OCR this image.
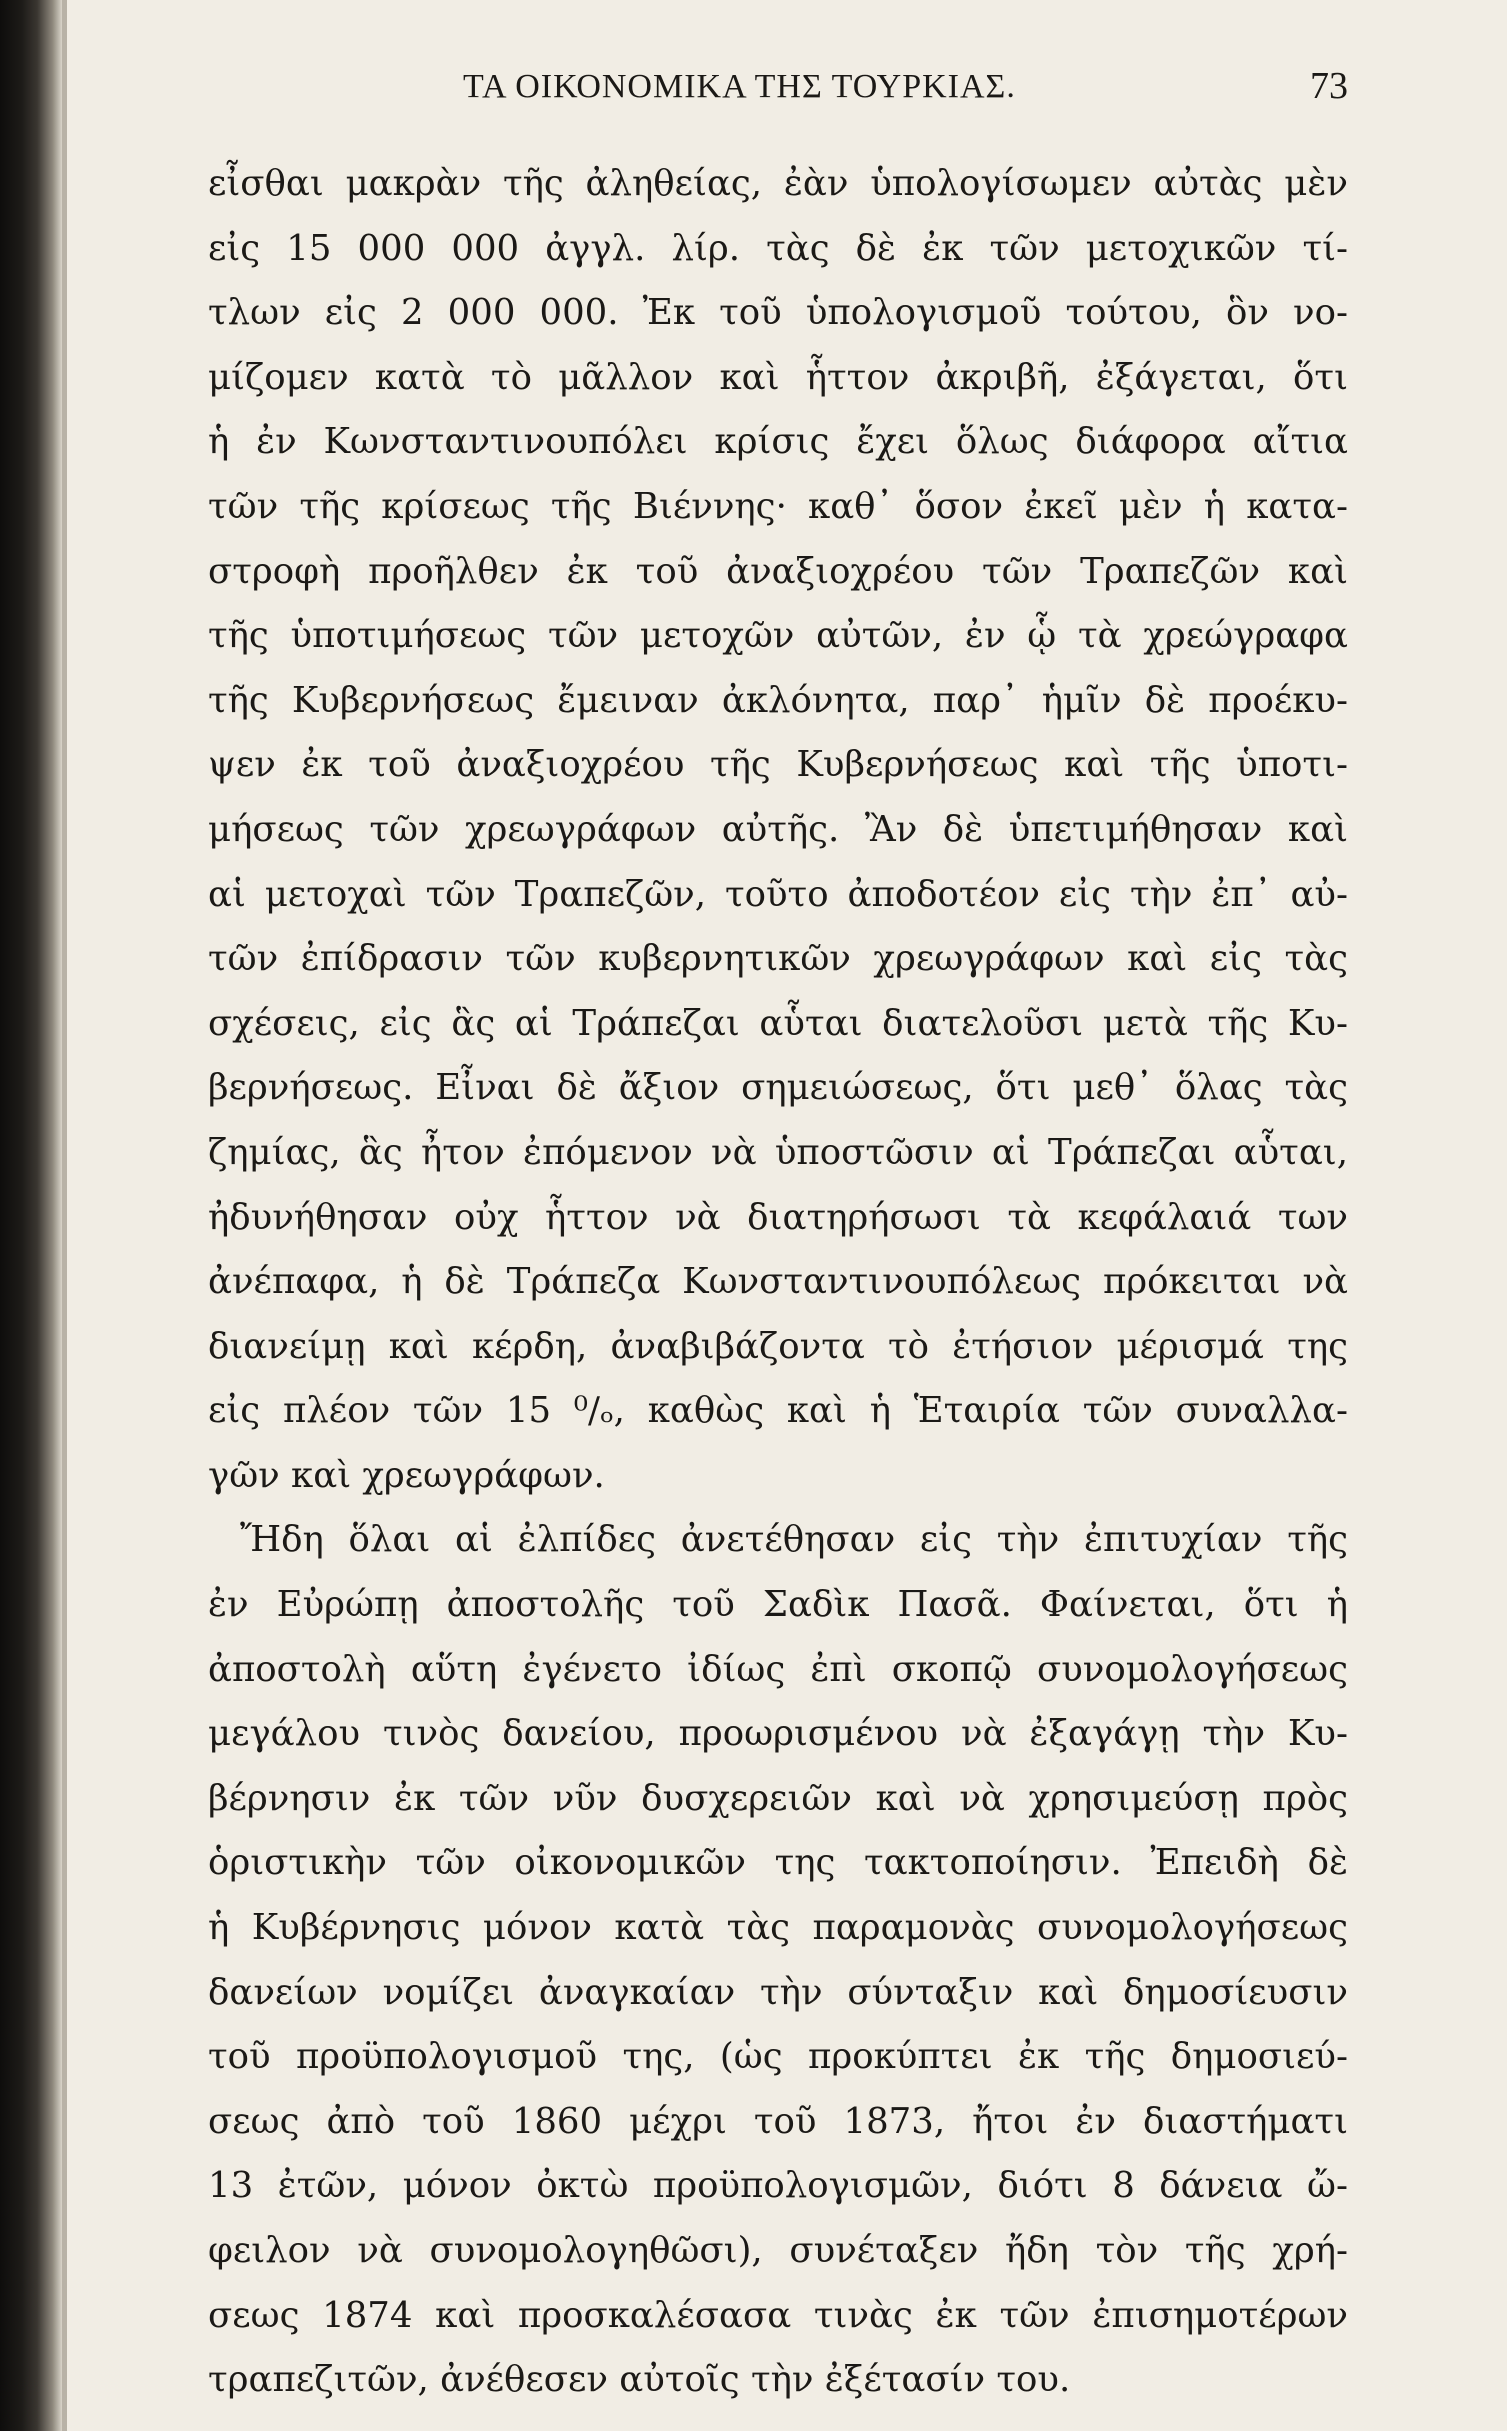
ΤΑ ΟΙΚΟΝΟΜΙΚΑ ΤΗΣ ΤΟΥΡΚΙΑΣ.	73
εἶσθαι μακρὰν τῆς ἀληθείας, ἐὰν ὑπολογίσωμεν αὐτὰς μὲν
εἰς 15 000 000 ἀγγλ. λίρ. τὰς δὲ ἐκ τῶν μετοχικῶν τί-
τλων εἰς 2 000 000. Ἐκ τοῦ ὑπολογισμοῦ τούτου, ὃν νο-
μίζομεν κατὰ τὸ μᾶλλον καὶ ἧττον ἀκριβῆ, ἐξάγεται, ὅτι
ἡ ἐν Κωνσταντινουπόλει κρίσις ἔχει ὅλως διάφορα αἴτια
τῶν τῆς κρίσεως τῆς Βιέννης· καθ᾿ ὅσον ἐκεῖ μὲν ἡ κατα-
στροφὴ προῆλθεν ἐκ τοῦ ἀναξιοχρέου τῶν Τραπεζῶν καὶ
τῆς ὑποτιμήσεως τῶν μετοχῶν αὐτῶν, ἐν ᾧ τὰ χρεώγραφα
τῆς Κυβερνήσεως ἔμειναν ἀκλόνητα, παρ᾿ ἡμῖν δὲ προέκυ-
ψεν ἐκ τοῦ ἀναξιοχρέου τῆς Κυβερνήσεως καὶ τῆς ὑποτι-
μήσεως τῶν χρεωγράφων αὐτῆς. Ἂν δὲ ὑπετιμήθησαν καὶ
αἱ μετοχαὶ τῶν Τραπεζῶν, τοῦτο ἀποδοτέον εἰς τὴν ἐπ᾿ αὐ-
τῶν ἐπίδρασιν τῶν κυβερνητικῶν χρεωγράφων καὶ εἰς τὰς
σχέσεις, εἰς ἃς αἱ Τράπεζαι αὗται διατελοῦσι μετὰ τῆς Κυ-
βερνήσεως. Εἶναι δὲ ἄξιον σημειώσεως, ὅτι μεθ᾿ ὅλας τὰς
ζημίας, ἃς ἦτον ἐπόμενον νὰ ὑποστῶσιν αἱ Τράπεζαι αὗται,
ἠδυνήθησαν οὐχ ἧττον νὰ διατηρήσωσι τὰ κεφάλαιά των
ἀνέπαφα, ἡ δὲ Τράπεζα Κωνσταντινουπόλεως πρόκειται νὰ
διανείμῃ καὶ κέρδη, ἀναβιβάζοντα τὸ ἐτήσιον μέρισμά της
εἰς πλέον τῶν 15 ⁰/ₒ, καθὼς καὶ ἡ Ἑταιρία τῶν συναλλα-
γῶν καὶ χρεωγράφων.
Ἤδη ὅλαι αἱ ἐλπίδες ἀνετέθησαν εἰς τὴν ἐπιτυχίαν τῆς
ἐν Εὐρώπῃ ἀποστολῆς τοῦ Σαδὶκ Πασᾶ. Φαίνεται, ὅτι ἡ
ἀποστολὴ αὕτη ἐγένετο ἰδίως ἐπὶ σκοπῷ συνομολογήσεως
μεγάλου τινὸς δανείου, προωρισμένου νὰ ἐξαγάγῃ τὴν Κυ-
βέρνησιν ἐκ τῶν νῦν δυσχερειῶν καὶ νὰ χρησιμεύσῃ πρὸς
ὁριστικὴν τῶν οἰκονομικῶν της τακτοποίησιν. Ἐπειδὴ δὲ
ἡ Κυβέρνησις μόνον κατὰ τὰς παραμονὰς συνομολογήσεως
δανείων νομίζει ἀναγκαίαν τὴν σύνταξιν καὶ δημοσίευσιν
τοῦ προϋπολογισμοῦ της, (ὡς προκύπτει ἐκ τῆς δημοσιεύ-
σεως ἀπὸ τοῦ 1860 μέχρι τοῦ 1873, ἤτοι ἐν διαστήματι
13 ἐτῶν, μόνον ὀκτὼ προϋπολογισμῶν, διότι 8 δάνεια ὤ-
φειλον νὰ συνομολογηθῶσι), συνέταξεν ἤδη τὸν τῆς χρή-
σεως 1874 καὶ προσκαλέσασα τινὰς ἐκ τῶν ἐπισημοτέρων
τραπεζιτῶν, ἀνέθεσεν αὐτοῖς τὴν ἐξέτασίν του.
